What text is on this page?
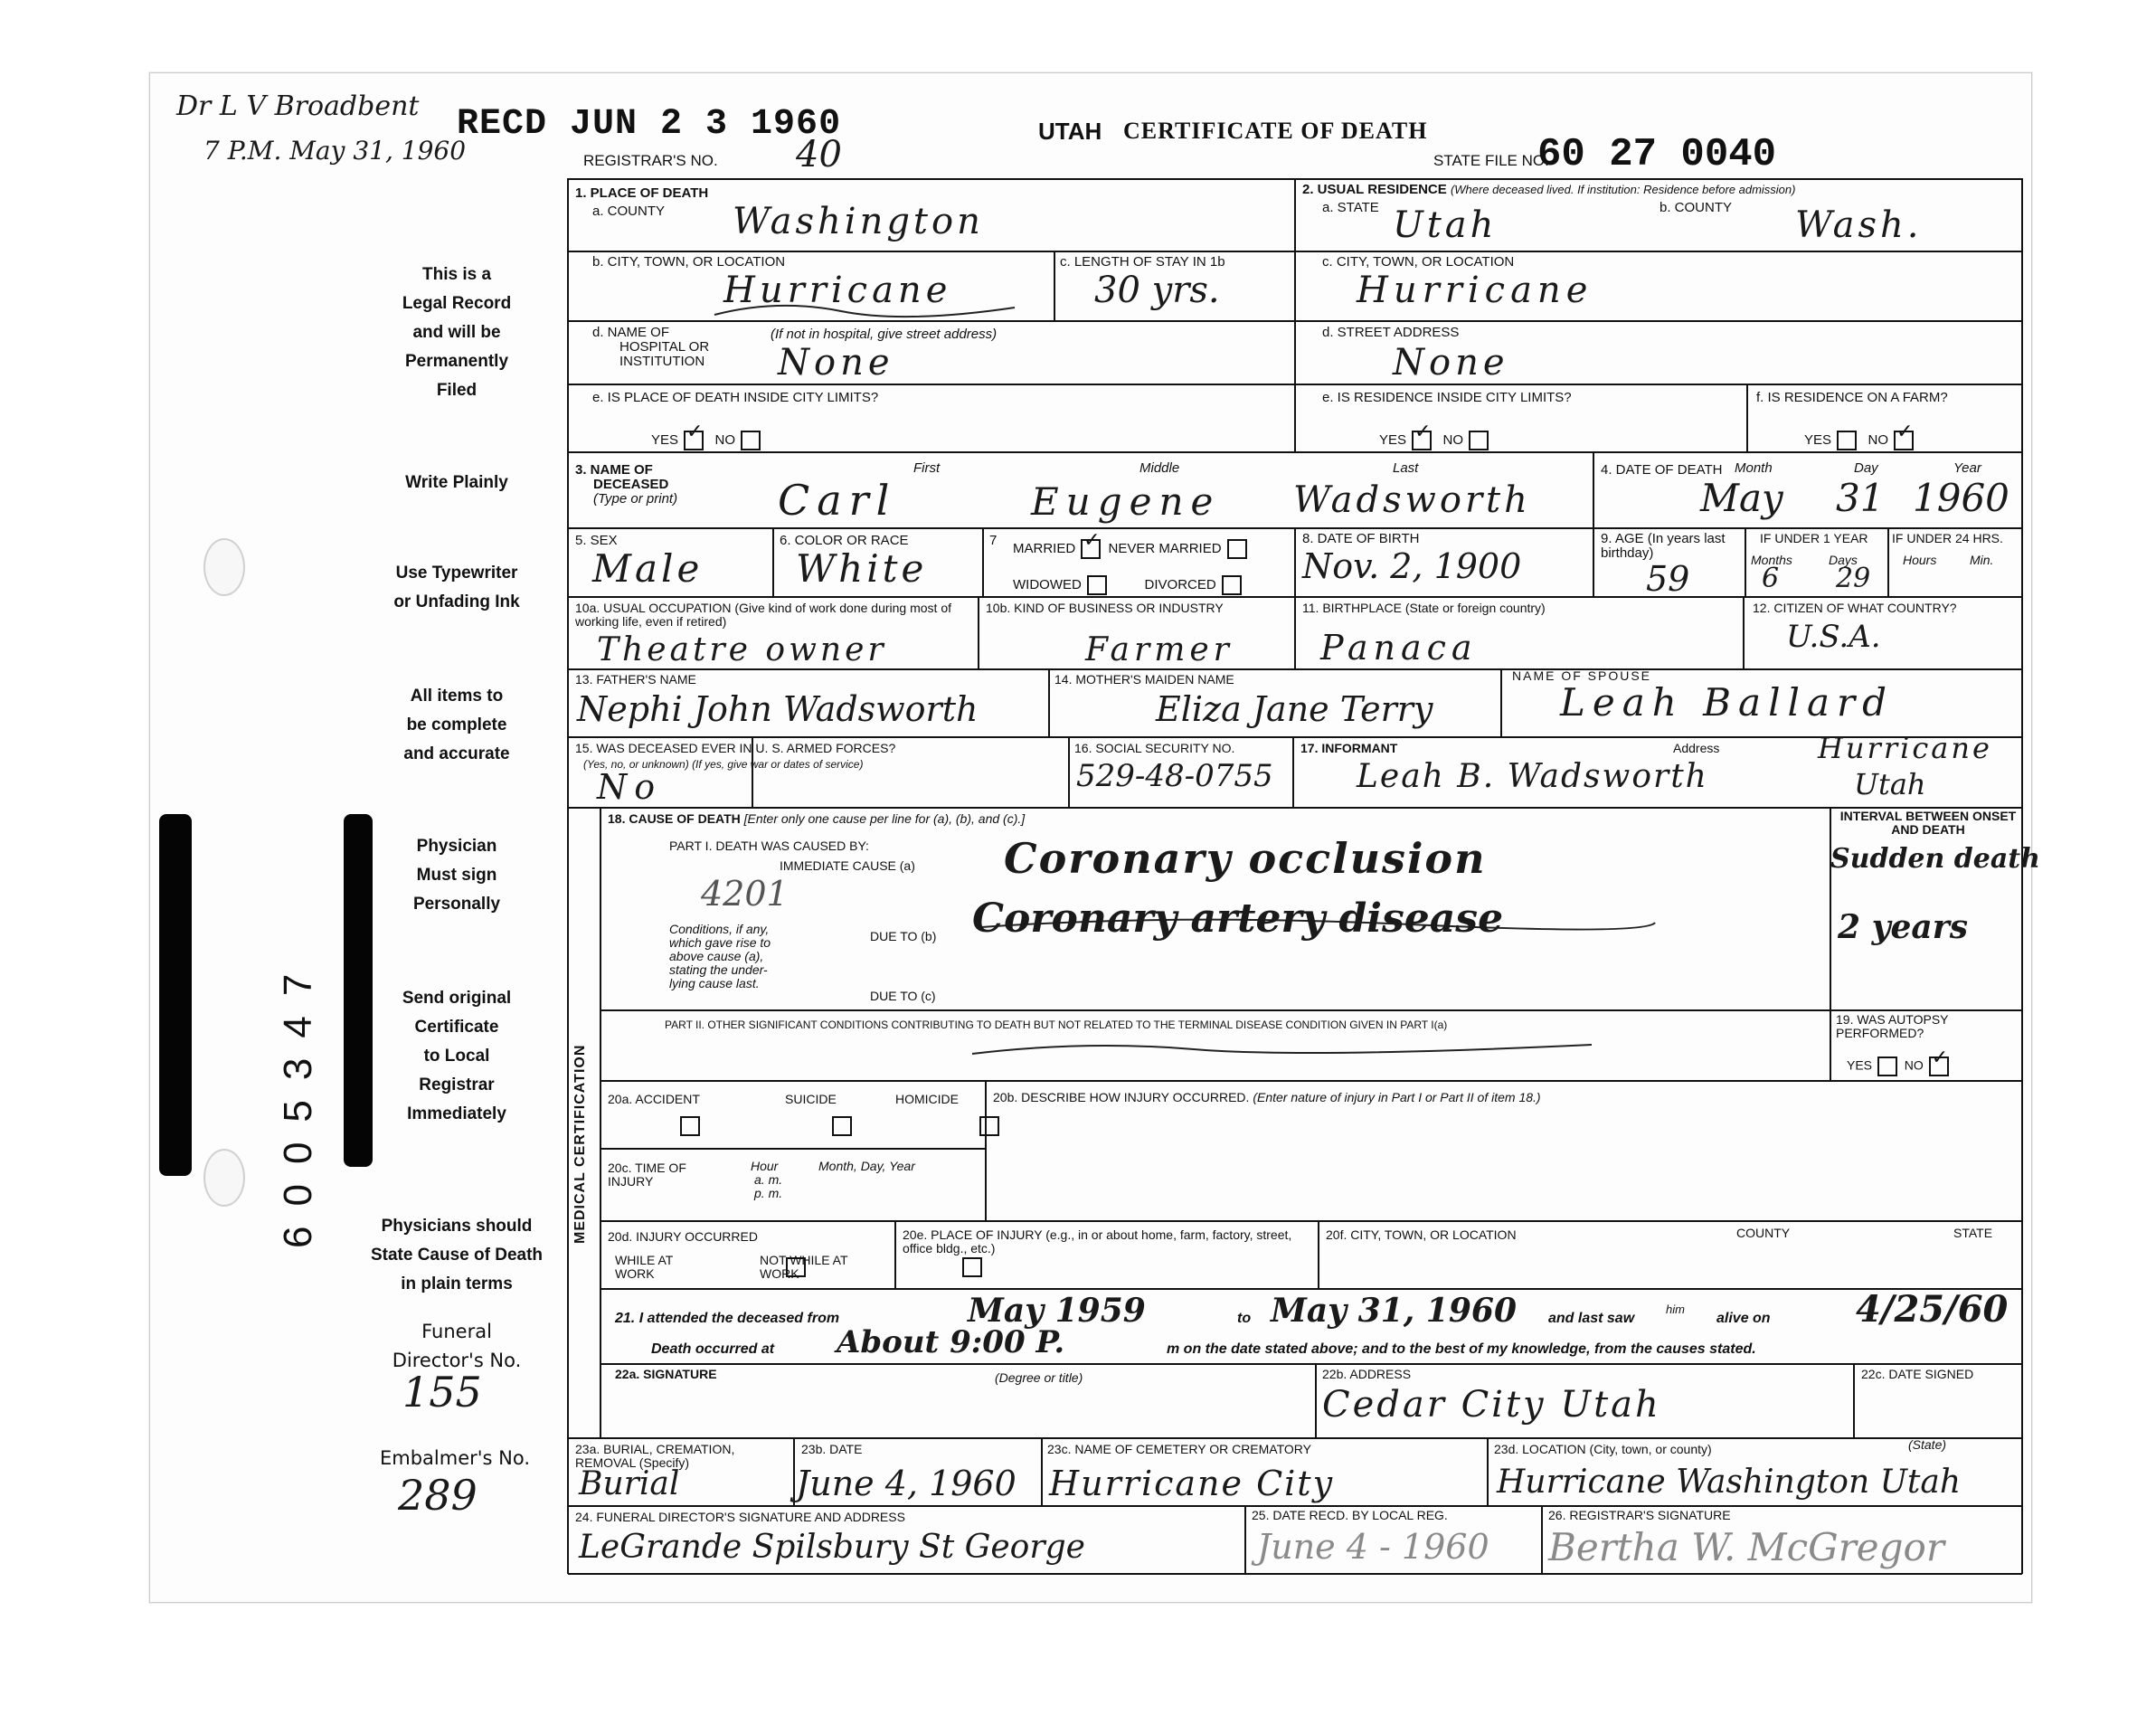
Dr L V Broadbent
7 P.M. May 31, 1960
RECD JUN 2 3 1960
REGISTRAR'S NO. 40
UTAH CERTIFICATE OF DEATH
STATE FILE NO.
60 27 0040
This is a
Legal Record
and will be
Permanently
Filed
Write Plainly
Use Typewriter
or Unfading Ink
All items to
be complete
and accurate
Physician
Must sign
Personally
Send original
Certificate
to Local
Registrar
Immediately
Physicians should
State Cause of Death
in plain terms
Funeral
Director's No.
155
Embalmer's No.
289
6005347
1. PLACE OF DEATH
a. COUNTY Washington
b. CITY, TOWN, OR LOCATION
Hurricane
c. LENGTH OF STAY IN 1b
30 yrs.
d. NAME OF
HOSPITAL OR
INSTITUTION
(If not in hospital, give street address)
None
e. IS PLACE OF DEATH INSIDE CITY LIMITS?
YES ✓ NO
2. USUAL RESIDENCE (Where deceased lived. If institution: Residence before admission)
a. STATE	b. COUNTY
Utah	Wash.
c. CITY, TOWN, OR LOCATION
Hurricane
d. STREET ADDRESS
None
e. IS RESIDENCE INSIDE CITY LIMITS?
YES ✓ NO
f. IS RESIDENCE ON A FARM?
YES	NO ✓
3. NAME OF
DECEASED
(Type or print)
First	Middle	Last
Carl	Eugene Wadsworth
4. DATE OF DEATH Month	Day	Year
May 31 1960
5. SEX
Male
6. COLOR OR RACE
White
7
MARRIED ✓ NEVER MARRIED
WIDOWED	DIVORCED
8. DATE OF BIRTH
Nov. 2, 1900
9. AGE (In years last birthday)
59
IF UNDER 1 YEAR
Months	Days
6 29
IF UNDER 24 HRS.
Hours	Min.
10a. USUAL OCCUPATION (Give kind of work done during most of working life, even if retired)
Theatre owner
10b. KIND OF BUSINESS OR INDUSTRY
Farmer
11. BIRTHPLACE (State or foreign country)
Panaca
12. CITIZEN OF WHAT COUNTRY?
U.S.A.
13. FATHER'S NAME
Nephi John Wadsworth
14. MOTHER'S MAIDEN NAME
Eliza Jane Terry
NAME OF SPOUSE
Leah Ballard
15. WAS DECEASED EVER IN U. S. ARMED FORCES?
(Yes, no, or unknown) (If yes, give war or dates of service)
No
16. SOCIAL SECURITY NO.
529-48-0755
17. INFORMANT	Address
Leah B. Wadsworth
Hurricane
Utah
MEDICAL CERTIFICATION
18. CAUSE OF DEATH [Enter only one cause per line for (a), (b), and (c).]
PART I. DEATH WAS CAUSED BY:
IMMEDIATE CAUSE (a)
4201
Coronary occlusion
Conditions, if any,
which gave rise to
above cause (a),
stating the under-
lying cause last.
DUE TO (b) Coronary artery disease
DUE TO (c)
INTERVAL BETWEEN ONSET AND DEATH
Sudden death
2 years
PART II. OTHER SIGNIFICANT CONDITIONS CONTRIBUTING TO DEATH BUT NOT RELATED TO THE TERMINAL DISEASE CONDITION GIVEN IN PART I(a)	19. WAS AUTOPSY PERFORMED?
YES	NO ✓
20a. ACCIDENT	SUICIDE	HOMICIDE
	20b. DESCRIBE HOW INJURY OCCURRED. (Enter nature of injury in Part I or Part II of item 18.)
20c. TIME OF INJURY
Hour
a. m.
p. m.
Month, Day, Year
20d. INJURY OCCURRED
WHILE AT WORK

NOT WHILE AT WORK
20e. PLACE OF INJURY (e.g., in or about home, farm, factory, street, office bldg., etc.)
20f. CITY, TOWN, OR LOCATION	COUNTY	STATE
21. I attended the deceased from	May 1959	to May 31, 1960 and last saw
him
alive on 4/25/60
Death occurred at About 9:00 P.	m on the date stated above; and to the best of my knowledge, from the causes stated.
22a. SIGNATURE	(Degree or title)	22b. ADDRESS
Cedar City Utah
22c. DATE SIGNED
23a. BURIAL, CREMATION, REMOVAL (Specify)
Burial
23b. DATE
June 4, 1960
23c. NAME OF CEMETERY OR CREMATORY
Hurricane City
23d. LOCATION (City, town, or county)	(State)
Hurricane Washington Utah
24. FUNERAL DIRECTOR'S SIGNATURE AND ADDRESS
LeGrande Spilsbury St George
25. DATE RECD. BY LOCAL REG.
June 4 - 1960
26. REGISTRAR'S SIGNATURE
Bertha W. McGregor
